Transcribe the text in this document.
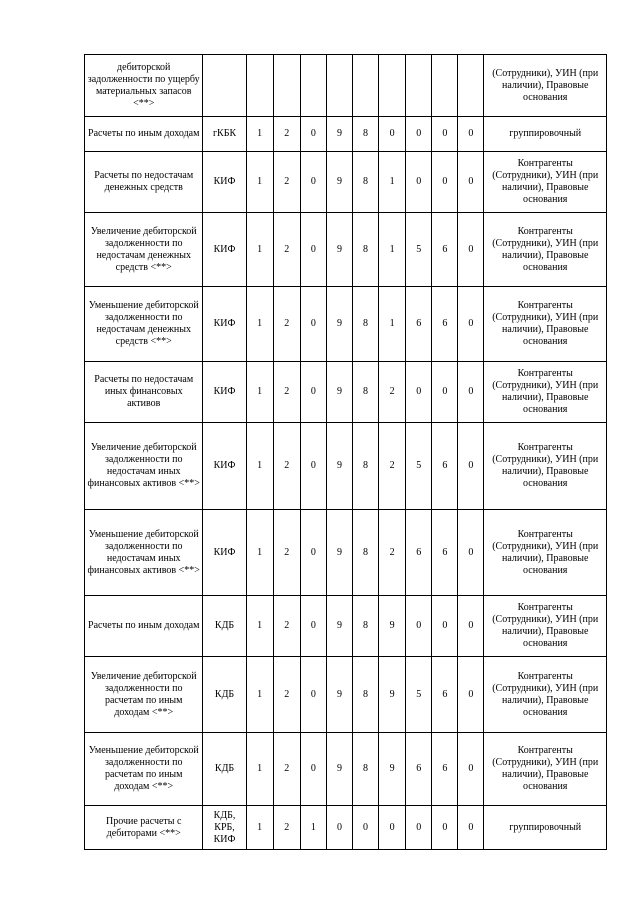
дебиторской задолженности по ущербу материальных запасов <**>											(Сотрудники), УИН (при наличии), Правовые основания
Расчеты по иным доходам	гКБК	1	2	0	9	8	0	0	0	0	группировочный
Расчеты по недостачам денежных средств	КИФ	1	2	0	9	8	1	0	0	0	Контрагенты (Сотрудники), УИН (при наличии), Правовые основания
Увеличение дебиторской задолженности по недостачам денежных средств <**>	КИФ	1	2	0	9	8	1	5	6	0	Контрагенты (Сотрудники), УИН (при наличии), Правовые основания
Уменьшение дебиторской задолженности по недостачам денежных средств <**>	КИФ	1	2	0	9	8	1	6	6	0	Контрагенты (Сотрудники), УИН (при наличии), Правовые основания
Расчеты по недостачам иных финансовых активов	КИФ	1	2	0	9	8	2	0	0	0	Контрагенты (Сотрудники), УИН (при наличии), Правовые основания
Увеличение дебиторской задолженности по недостачам иных финансовых активов <**>	КИФ	1	2	0	9	8	2	5	6	0	Контрагенты (Сотрудники), УИН (при наличии), Правовые основания
Уменьшение дебиторской задолженности по недостачам иных финансовых активов <**>	КИФ	1	2	0	9	8	2	6	6	0	Контрагенты (Сотрудники), УИН (при наличии), Правовые основания
Расчеты по иным доходам	КДБ	1	2	0	9	8	9	0	0	0	Контрагенты (Сотрудники), УИН (при наличии), Правовые основания
Увеличение дебиторской задолженности по расчетам по иным доходам <**>	КДБ	1	2	0	9	8	9	5	6	0	Контрагенты (Сотрудники), УИН (при наличии), Правовые основания
Уменьшение дебиторской задолженности по расчетам по иным доходам <**>	КДБ	1	2	0	9	8	9	6	6	0	Контрагенты (Сотрудники), УИН (при наличии), Правовые основания
Прочие расчеты с дебиторами <**>	КДБ, КРБ, КИФ	1	2	1	0	0	0	0	0	0	группировочный
